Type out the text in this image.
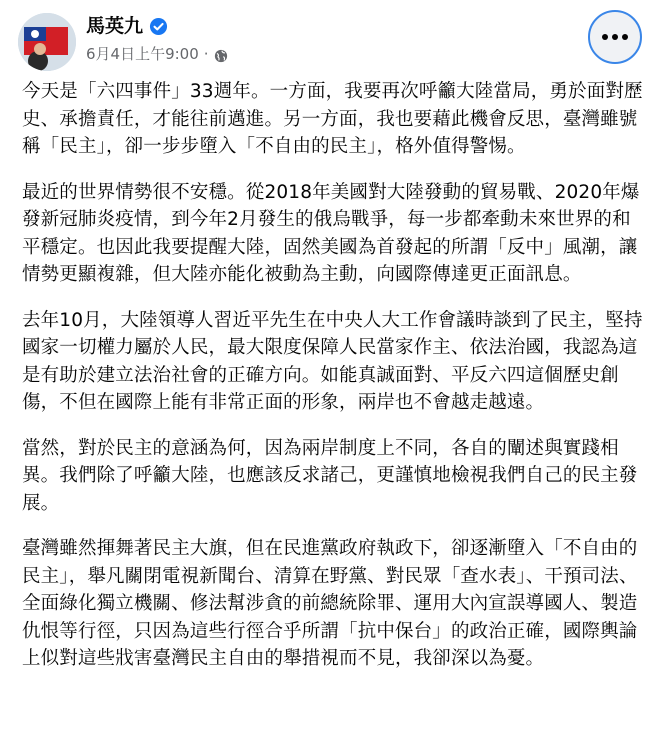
馬英九
6月4日上午9:00 ·

今天是「六四事件」33週年。一方面，我要再次呼籲大陸當局，勇於面對歷史、承擔責任，才能往前邁進。另一方面，我也要藉此機會反思，臺灣雖號稱「民主」，卻一步步墮入「不自由的民主」，格外值得警惕。

最近的世界情勢很不安穩。從2018年美國對大陸發動的貿易戰、2020年爆發新冠肺炎疫情，到今年2月發生的俄烏戰爭，每一步都牽動未來世界的和平穩定。也因此我要提醒大陸，固然美國為首發起的所謂「反中」風潮，讓情勢更顯複雜，但大陸亦能化被動為主動，向國際傳達更正面訊息。

去年10月，大陸領導人習近平先生在中央人大工作會議時談到了民主，堅持國家一切權力屬於人民，最大限度保障人民當家作主、依法治國，我認為這是有助於建立法治社會的正確方向。如能真誠面對、平反六四這個歷史創傷，不但在國際上能有非常正面的形象，兩岸也不會越走越遠。

當然，對於民主的意涵為何，因為兩岸制度上不同，各自的闡述與實踐相異。我們除了呼籲大陸，也應該反求諸己，更謹慎地檢視我們自己的民主發展。

臺灣雖然揮舞著民主大旗，但在民進黨政府執政下，卻逐漸墮入「不自由的民主」，舉凡關閉電視新聞台、清算在野黨、對民眾「查水表」、干預司法、全面綠化獨立機關、修法幫涉貪的前總統除罪、運用大內宣誤導國人、製造仇恨等行徑，只因為這些行徑合乎所謂「抗中保台」的政治正確，國際輿論上似對這些戕害臺灣民主自由的舉措視而不見，我卻深以為憂。
